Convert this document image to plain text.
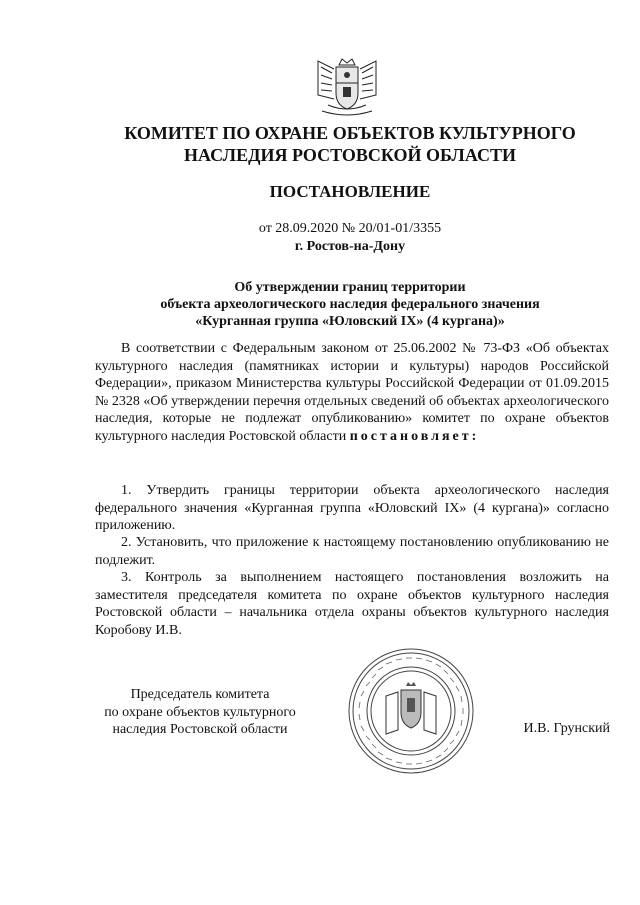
КОМИТЕТ ПО ОХРАНЕ ОБЪЕКТОВ КУЛЬТУРНОГО
НАСЛЕДИЯ РОСТОВСКОЙ ОБЛАСТИ
ПОСТАНОВЛЕНИЕ
от 28.09.2020 № 20/01-01/3355
г. Ростов-на-Дону
Об утверждении границ территории
объекта археологического наследия федерального значения
«Курганная группа «Юловский IX» (4 кургана)»
В соответствии с Федеральным законом от 25.06.2002 № 73-ФЗ «Об объектах культурного наследия (памятниках истории и культуры) народов Российской Федерации», приказом Министерства культуры Российской Федерации от 01.09.2015 № 2328 «Об утверждении перечня отдельных сведений об объектах археологического наследия, которые не подлежат опубликованию» комитет по охране объектов культурного наследия Ростовской области постановляет:
1. Утвердить границы территории объекта археологического наследия федерального значения «Курганная группа «Юловский IX» (4 кургана)» согласно приложению.
2. Установить, что приложение к настоящему постановлению опубликованию не подлежит.
3. Контроль за выполнением настоящего постановления возложить на заместителя председателя комитета по охране объектов культурного наследия Ростовской области – начальника отдела охраны объектов культурного наследия Коробову И.В.
Председатель комитета
по охране объектов культурного
наследия Ростовской области	И.В. Грунский
